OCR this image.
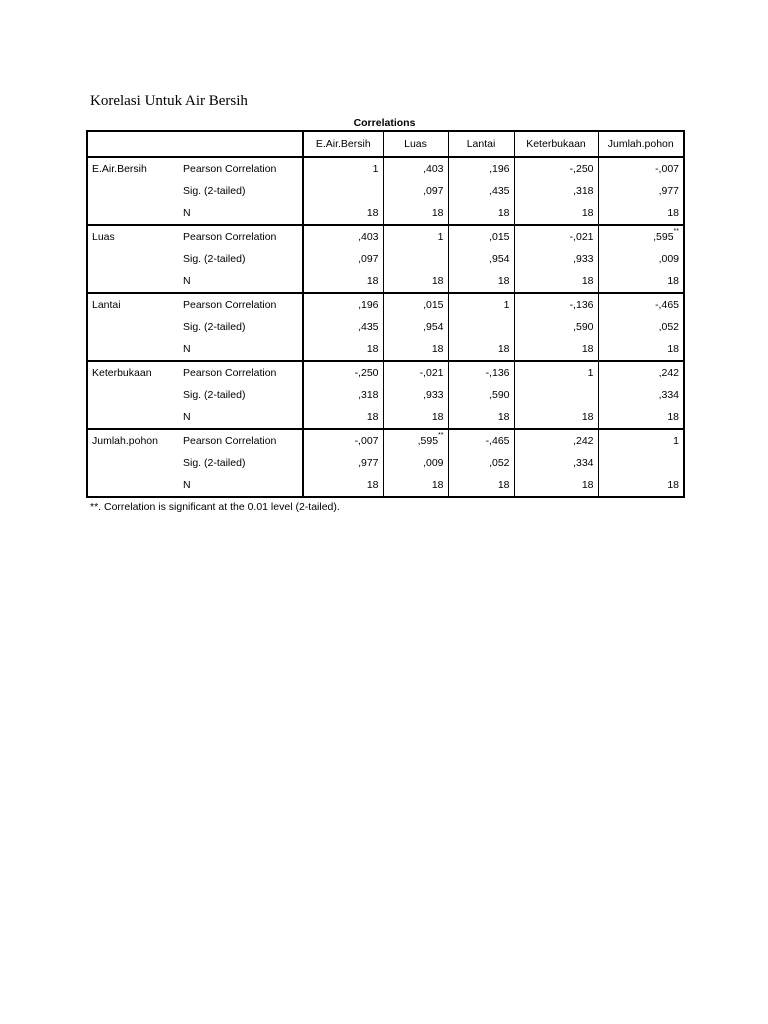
Korelasi Untuk Air Bersih
Correlations
		E.Air.Bersih	Luas	Lantai	Keterbukaan	Jumlah.pohon
E.Air.Bersih	Pearson Correlation	1	,403	,196	-,250	-,007
	Sig. (2-tailed)		,097	,435	,318	,977
	N	18	18	18	18	18
Luas	Pearson Correlation	,403	1	,015	-,021	,595**
	Sig. (2-tailed)	,097		,954	,933	,009
	N	18	18	18	18	18
Lantai	Pearson Correlation	,196	,015	1	-,136	-,465
	Sig. (2-tailed)	,435	,954		,590	,052
	N	18	18	18	18	18
Keterbukaan	Pearson Correlation	-,250	-,021	-,136	1	,242
	Sig. (2-tailed)	,318	,933	,590		,334
	N	18	18	18	18	18
Jumlah.pohon	Pearson Correlation	-,007	,595**	-,465	,242	1
	Sig. (2-tailed)	,977	,009	,052	,334	
	N	18	18	18	18	18
**. Correlation is significant at the 0.01 level (2-tailed).
